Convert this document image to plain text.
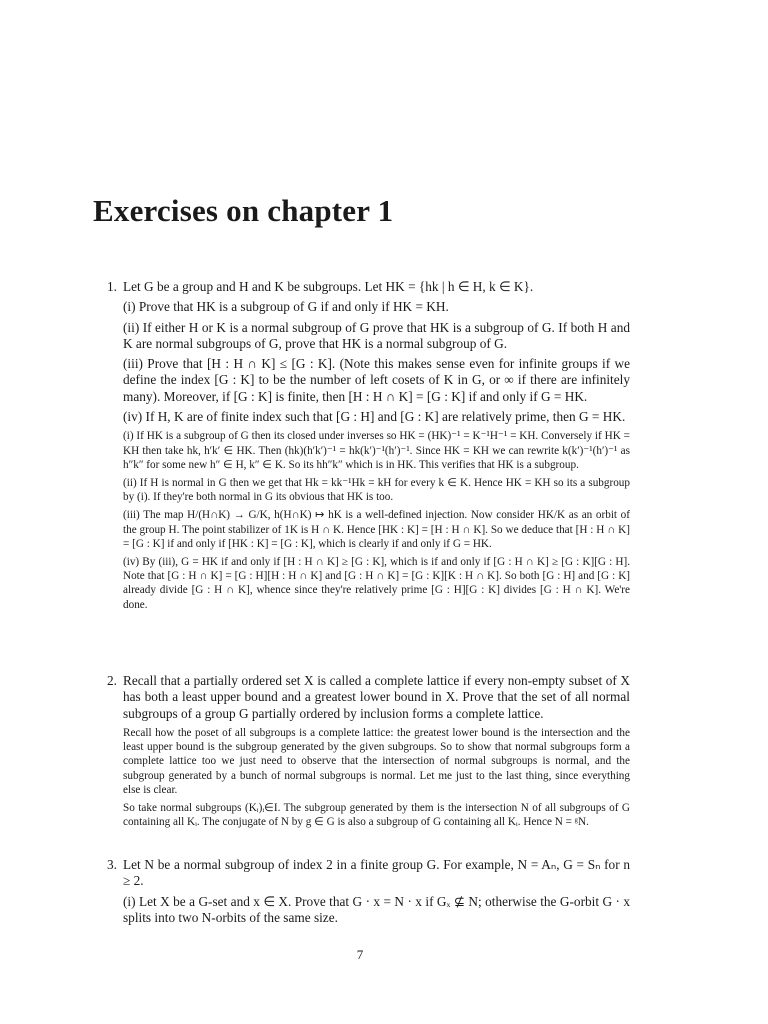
Exercises on chapter 1
1. Let G be a group and H and K be subgroups. Let HK = {hk | h ∈ H, k ∈ K}.

(i) Prove that HK is a subgroup of G if and only if HK = KH.

(ii) If either H or K is a normal subgroup of G prove that HK is a subgroup of G. If both H and K are normal subgroups of G, prove that HK is a normal subgroup of G.

(iii) Prove that [H : H ∩ K] ≤ [G : K]. (Note this makes sense even for infinite groups if we define the index [G : K] to be the number of left cosets of K in G, or ∞ if there are infinitely many). Moreover, if [G : K] is finite, then [H : H ∩ K] = [G : K] if and only if G = HK.

(iv) If H, K are of finite index such that [G : H] and [G : K] are relatively prime, then G = HK.

(i) If HK is a subgroup of G then its closed under inverses so HK = (HK)⁻¹ = K⁻¹H⁻¹ = KH. Conversely if HK = KH then take hk, h′k′ ∈ HK. Then (hk)(h′k′)⁻¹ = hk(k′)⁻¹(h′)⁻¹. Since HK = KH we can rewrite k(k′)⁻¹(h′)⁻¹ as h″k″ for some new h″ ∈ H, k″ ∈ K. So its hh″k″ which is in HK. This verifies that HK is a subgroup.

(ii) If H is normal in G then we get that Hk = kk⁻¹Hk = kH for every k ∈ K. Hence HK = KH so its a subgroup by (i). If they're both normal in G its obvious that HK is too.

(iii) The map H/(H∩K) → G/K, h(H∩K) ↦ hK is a well-defined injection. Now consider HK/K as an orbit of the group H. The point stabilizer of 1K is H ∩ K. Hence [HK : K] = [H : H ∩ K]. So we deduce that [H : H ∩ K] = [G : K] if and only if [HK : K] = [G : K], which is clearly if and only if G = HK.

(iv) By (iii), G = HK if and only if [H : H ∩ K] ≥ [G : K], which is if and only if [G : H ∩ K] ≥ [G : K][G : H]. Note that [G : H ∩ K] = [G : H][H : H ∩ K] and [G : H ∩ K] = [G : K][K : H ∩ K]. So both [G : H] and [G : K] already divide [G : H ∩ K], whence since they're relatively prime [G : H][G : K] divides [G : H ∩ K]. We're done.

2. Recall that a partially ordered set X is called a complete lattice if every non-empty subset of X has both a least upper bound and a greatest lower bound in X. Prove that the set of all normal subgroups of a group G partially ordered by inclusion forms a complete lattice.

Recall how the poset of all subgroups is a complete lattice: the greatest lower bound is the intersection and the least upper bound is the subgroup generated by the given subgroups. So to show that normal subgroups form a complete lattice too we just need to observe that the intersection of normal subgroups is normal, and the subgroup generated by a bunch of normal subgroups is normal. Let me just to the last thing, since everything else is clear.

So take normal subgroups (Kᵢ)ᵢ∈I. The subgroup generated by them is the intersection N of all subgroups of G containing all Kᵢ. The conjugate of N by g ∈ G is also a subgroup of G containing all Kᵢ. Hence N = ᵍN.

3. Let N be a normal subgroup of index 2 in a finite group G. For example, N = Aₙ, G = Sₙ for n ≥ 2.

(i) Let X be a G-set and x ∈ X. Prove that G · x = N · x if Gₓ ⊈ N; otherwise the G-orbit G · x splits into two N-orbits of the same size.

7
